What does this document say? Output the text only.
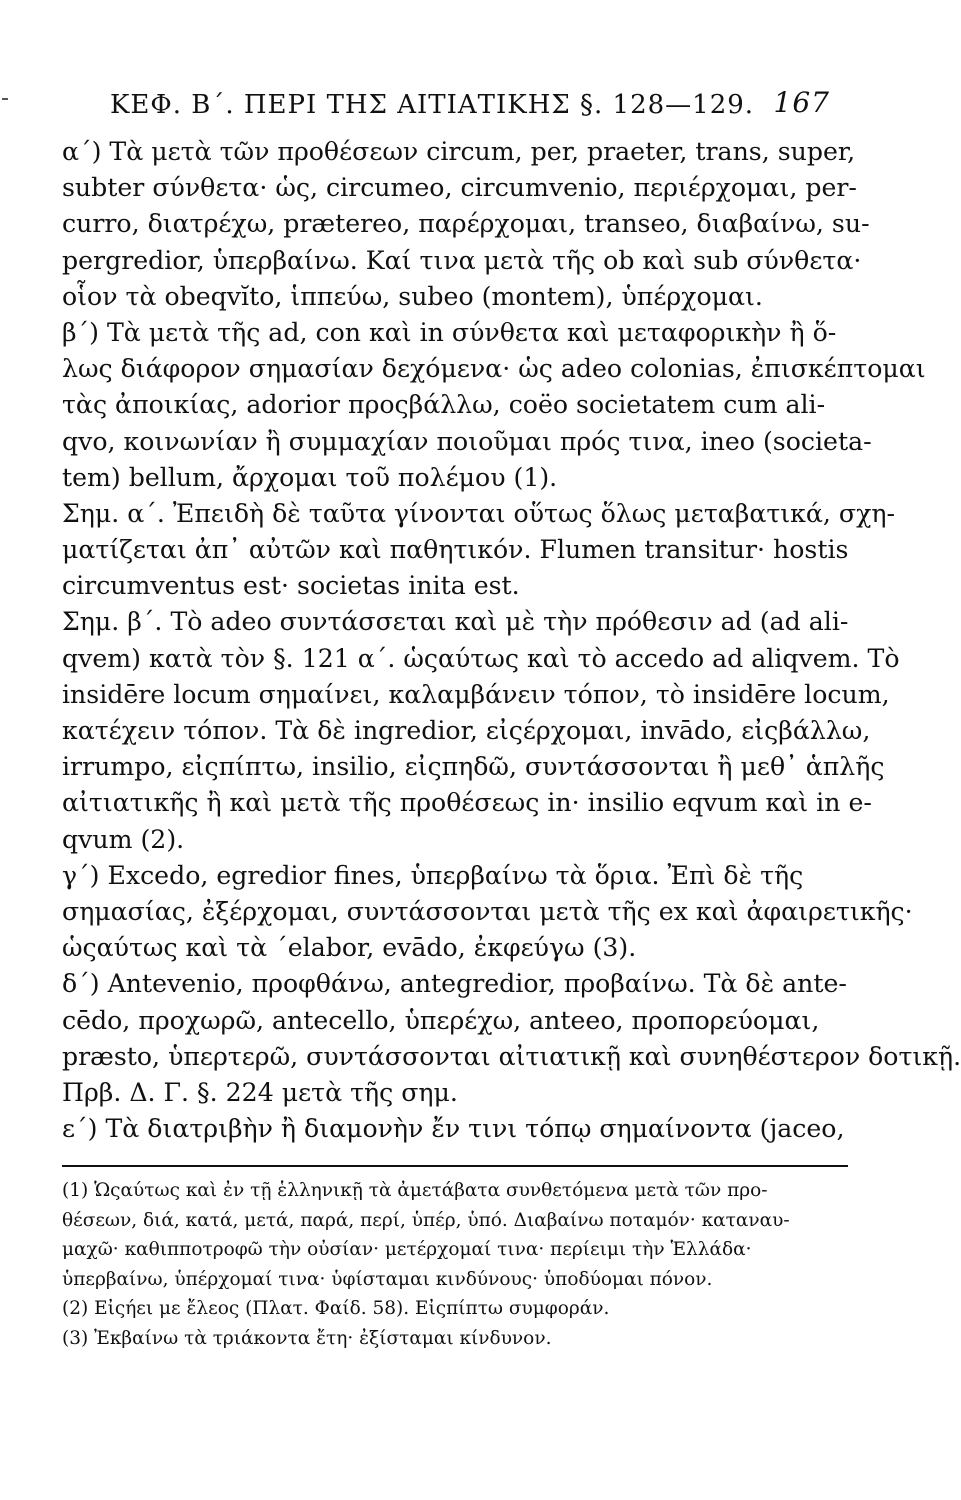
ΚΕΦ. Β΄. ΠΕΡΙ ΤΗΣ ΑΙΤΙΑΤΙΚΗΣ §. 128—129. 167
α΄) Τὰ μετὰ τῶν προθέσεων circum, per, praeter, trans, super,
subter σύνθετα· ὡς, circumeo, circumvenio, περιέρχομαι, per-
curro, διατρέχω, prætereo, παρέρχομαι, transeo, διαβαίνω, su-
pergredior, ὑπερβαίνω. Καί τινα μετὰ τῆς ob καὶ sub σύνθετα·
οἷον τὰ obeqvĭto, ἱππεύω, subeo (montem), ὑπέρχομαι.
β΄) Τὰ μετὰ τῆς ad, con καὶ in σύνθετα καὶ μεταφορικὴν ἢ ὅ-
λως διάφορον σημασίαν δεχόμενα· ὡς adeo colonias, ἐπισκέπτομαι
τὰς ἀποικίας, adorior προςβάλλω, coëo societatem cum ali-
qvo, κοινωνίαν ἢ συμμαχίαν ποιοῦμαι πρός τινα, ineo (societa-
tem) bellum, ἄρχομαι τοῦ πολέμου (1).
Σημ. α΄. Ἐπειδὴ δὲ ταῦτα γίνονται οὕτως ὅλως μεταβατικά, σχη-
ματίζεται ἀπ᾽ αὐτῶν καὶ παθητικόν. Flumen transitur· hostis
circumventus est· societas inita est.
Σημ. β΄. Τὸ adeo συντάσσεται καὶ μὲ τὴν πρόθεσιν ad (ad ali-
qvem) κατὰ τὸν §. 121 α΄. ὡςαύτως καὶ τὸ accedo ad aliqvem. Τὸ
insidēre locum σημαίνει, καλαμβάνειν τόπον, τὸ insidēre locum,
κατέχειν τόπον. Τὰ δὲ ingredior, εἰςέρχομαι, invādo, εἰςβάλλω,
irrumpo, εἰςπίπτω, insilio, εἰςπηδῶ, συντάσσονται ἢ μεθ᾽ ἁπλῆς
αἰτιατικῆς ἢ καὶ μετὰ τῆς προθέσεως in· insilio eqvum καὶ in e-
qvum (2).
γ΄) Excedo, egredior fines, ὑπερβαίνω τὰ ὅρια. Ἐπὶ δὲ τῆς
σημασίας, ἐξέρχομαι, συντάσσονται μετὰ τῆς ex καὶ ἀφαιρετικῆς·
ὡςαύτως καὶ τὰ ΄elabor, evādo, ἐκφεύγω (3).
δ΄) Antevenio, προφθάνω, antegredior, προβαίνω. Τὰ δὲ ante-
cēdo, προχωρῶ, antecello, ὑπερέχω, anteeo, προπορεύομαι,
præsto, ὑπερτερῶ, συντάσσονται αἰτιατικῇ καὶ συνηθέστερον δοτικῇ.
Πρβ. Δ. Γ. §. 224 μετὰ τῆς σημ.
ε΄) Τὰ διατριβὴν ἢ διαμονὴν ἔν τινι τόπῳ σημαίνοντα (jaceo,
(1) Ὡςαύτως καὶ ἐν τῇ ἑλληνικῇ τὰ ἀμετάβατα συνθετόμενα μετὰ τῶν προ-
θέσεων, διά, κατά, μετά, παρά, περί, ὑπέρ, ὑπό. Διαβαίνω ποταμόν· καταναυ-
μαχῶ· καθιπποτροφῶ τὴν οὐσίαν· μετέρχομαί τινα· περίειμι τὴν Ἑλλάδα·
ὑπερβαίνω, ὑπέρχομαί τινα· ὑφίσταμαι κινδύνους· ὑποδύομαι πόνον.
(2) Εἰςήει με ἔλεος (Πλατ. Φαίδ. 58). Εἰςπίπτω συμφοράν.
(3) Ἐκβαίνω τὰ τριάκοντα ἔτη· ἐξίσταμαι κίνδυνον.
